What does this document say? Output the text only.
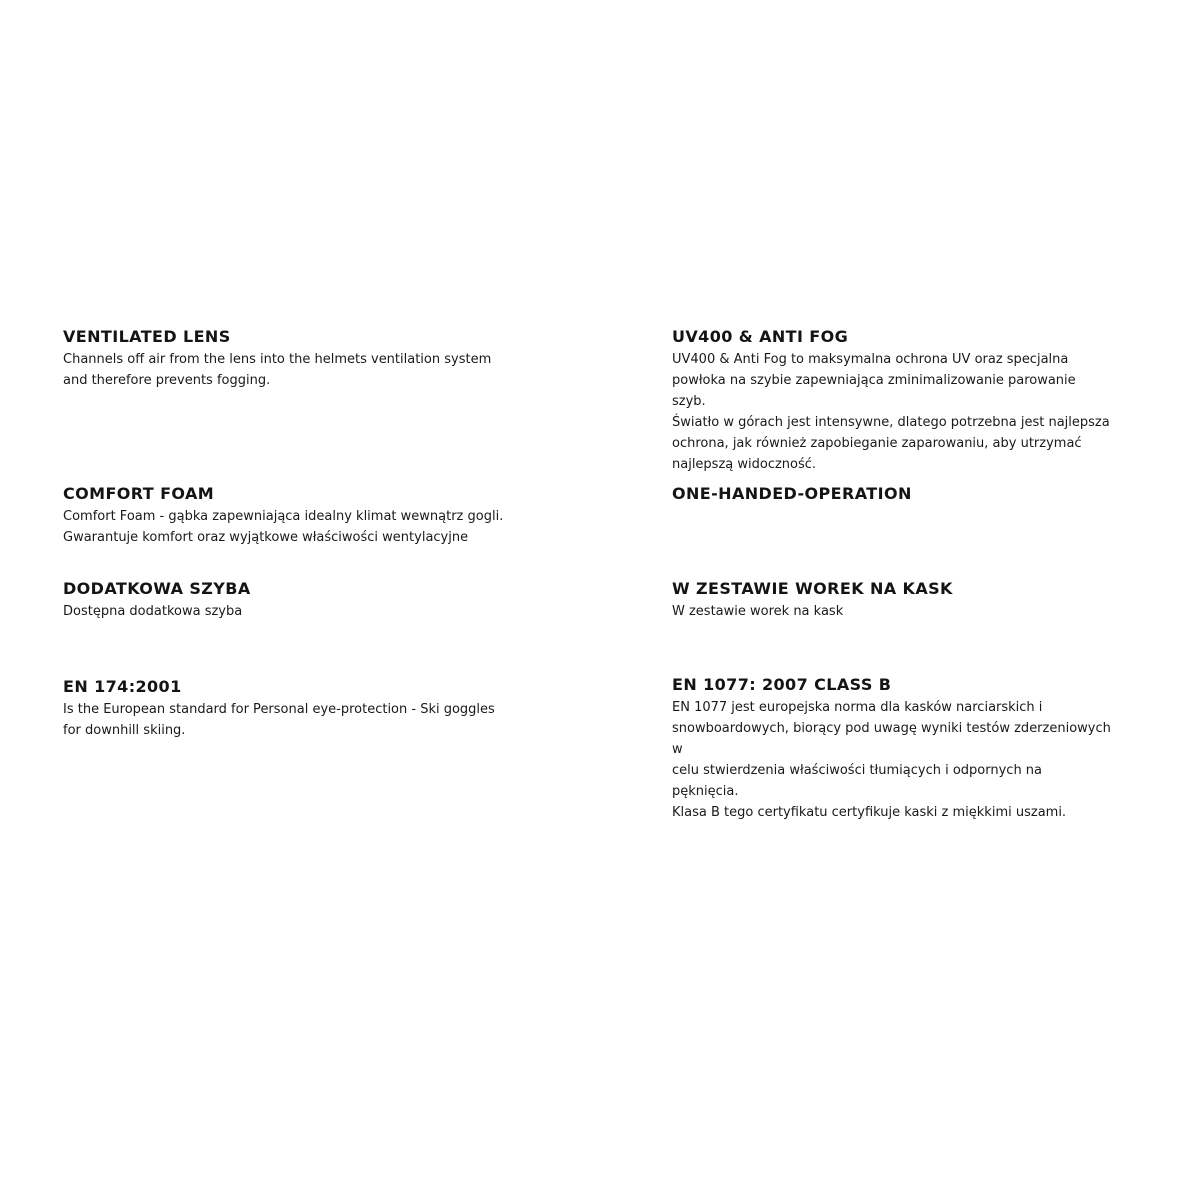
VENTILATED LENS

Channels off air from the lens into the helmets ventilation system
and therefore prevents fogging.

UV400 & ANTI FOG

UV400 & Anti Fog to maksymalna ochrona UV oraz specjalna
powłoka na szybie zapewniająca zminimalizowanie parowanie szyb.
Światło w górach jest intensywne, dlatego potrzebna jest najlepsza
ochrona, jak również zapobieganie zaparowaniu, aby utrzymać
najlepszą widoczność.

COMFORT FOAM

Comfort Foam - gąbka zapewniająca idealny klimat wewnątrz gogli.
Gwarantuje komfort oraz wyjątkowe właściwości wentylacyjne

ONE-HANDED-OPERATION
DODATKOWA SZYBA

Dostępna dodatkowa szyba

W ZESTAWIE WOREK NA KASK

W zestawie worek na kask

EN 174:2001

Is the European standard for Personal eye-protection - Ski goggles
for downhill skiing.

EN 1077: 2007 CLASS B

EN 1077 jest europejska norma dla kasków narciarskich i
snowboardowych, biorący pod uwagę wyniki testów zderzeniowych w
celu stwierdzenia właściwości tłumiących i odpornych na pęknięcia.
Klasa B tego certyfikatu certyfikuje kaski z miękkimi uszami.
